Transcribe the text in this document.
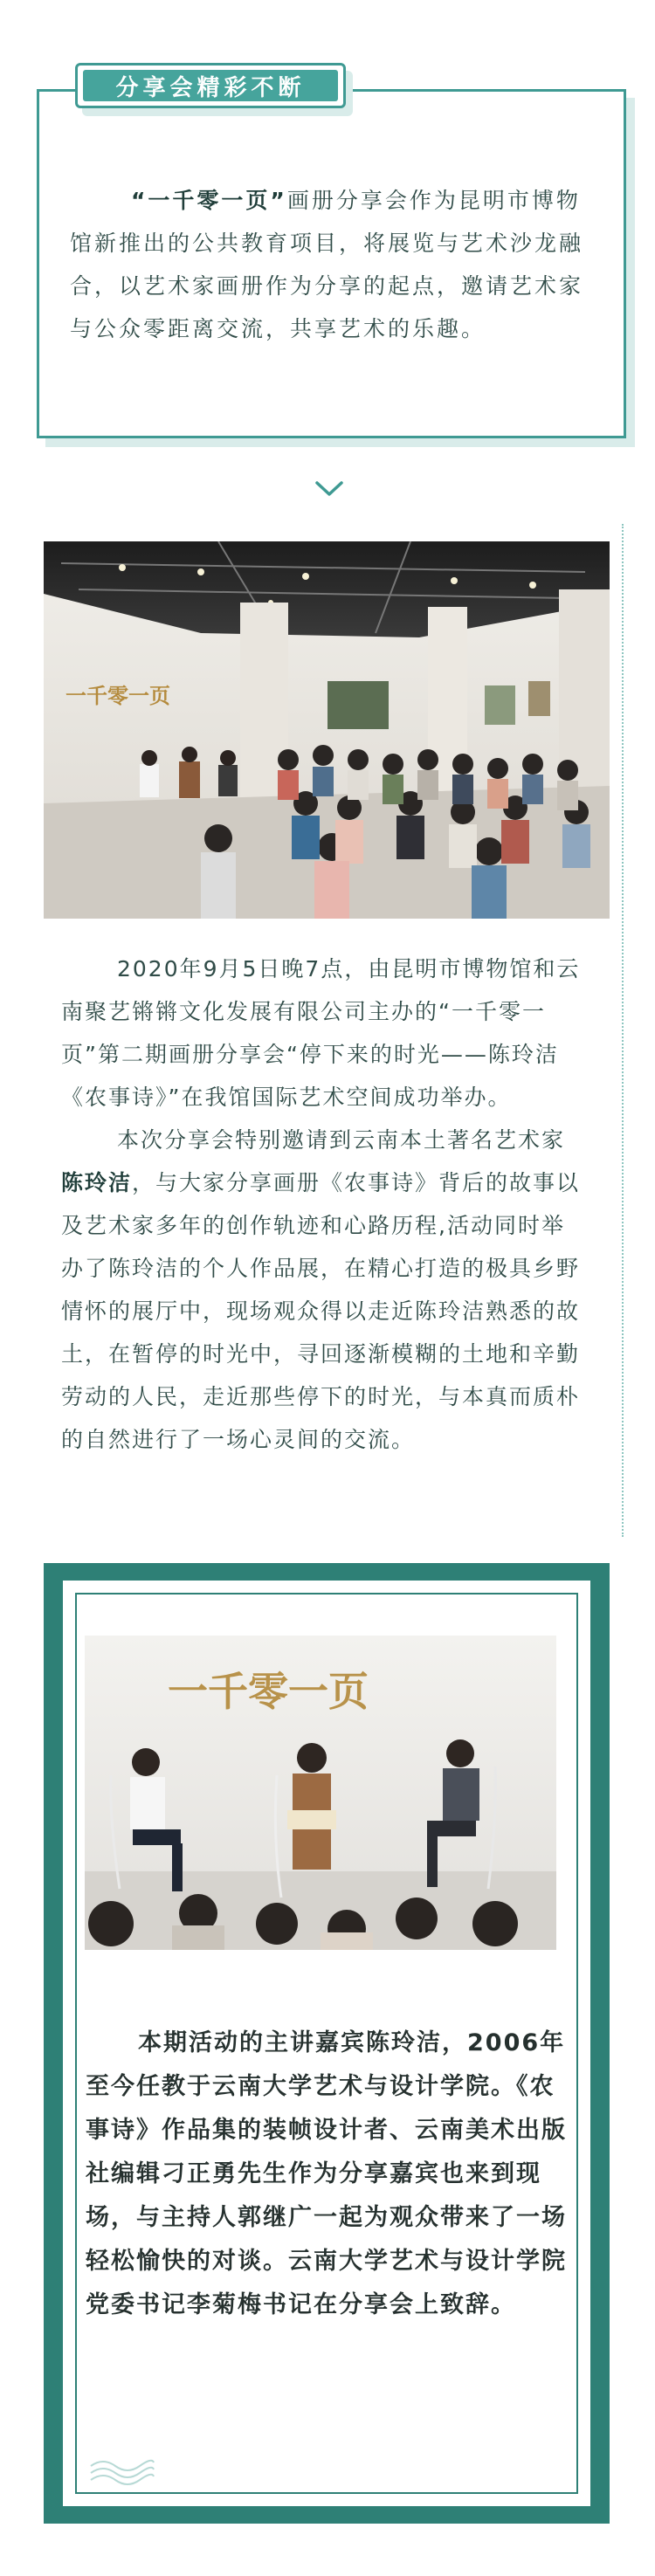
分享会精彩不断
“一千零一页”画册分享会作为昆明市博物馆新推出的公共教育项目，将展览与艺术沙龙融合，以艺术家画册作为分享的起点，邀请艺术家与公众零距离交流，共享艺术的乐趣。
一千零一页

2020年9月5日晚7点，由昆明市博物馆和云南聚艺锵锵文化发展有限公司主办的“一千零一页”第二期画册分享会“停下来的时光——陈玲洁《农事诗》”在我馆国际艺术空间成功举办。

本次分享会特别邀请到云南本土著名艺术家陈玲洁，与大家分享画册《农事诗》背后的故事以及艺术家多年的创作轨迹和心路历程,活动同时举办了陈玲洁的个人作品展，在精心打造的极具乡野情怀的展厅中，现场观众得以走近陈玲洁熟悉的故土，在暂停的时光中，寻回逐渐模糊的土地和辛勤劳动的人民，走近那些停下的时光，与本真而质朴的自然进行了一场心灵间的交流。

一千零一页
本期活动的主讲嘉宾陈玲洁，2006年至今任教于云南大学艺术与设计学院。《农事诗》作品集的装帧设计者、云南美术出版社编辑刁正勇先生作为分享嘉宾也来到现场，与主持人郭继广一起为观众带来了一场轻松愉快的对谈。云南大学艺术与设计学院党委书记李菊梅书记在分享会上致辞。
